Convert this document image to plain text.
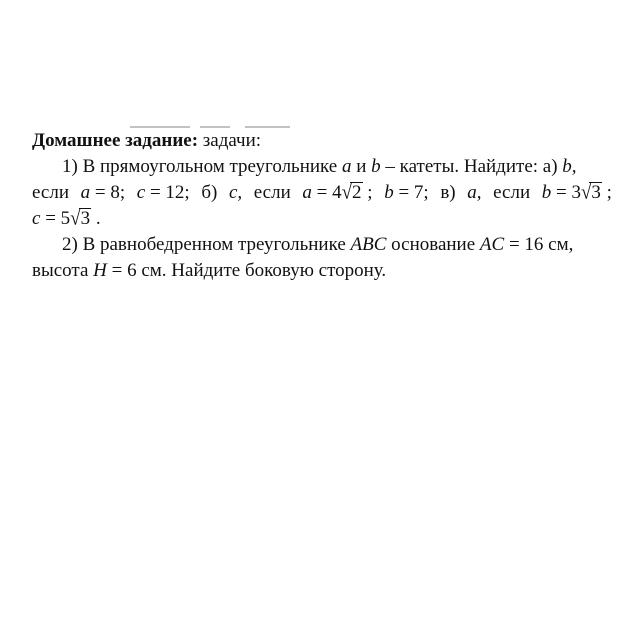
Домашнее задание: задачи:
1) В прямоугольном треугольнике a и b – катеты. Найдите: а) b,
если a = 8; c = 12; б) c, если a = 4√2 ; b = 7; в) a, если b = 3√3 ;
c = 5√3 .
2) В равнобедренном треугольнике ABC основание AC = 16 см,
высота H = 6 см. Найдите боковую сторону.
